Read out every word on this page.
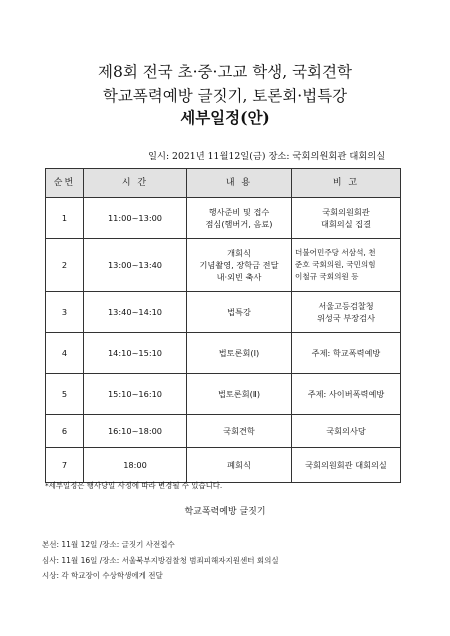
제8회 전국 초·중·고교 학생, 국회견학
학교폭력예방 글짓기, 토론회·법특강
세부일정(안)
일시: 2021년 11월12일(금) 장소: 국회의원회관 대회의실
순번	시 간	내 용	비 고
1	11:00~13:00	행사준비 및 접수
점심(햄버거, 음료)	국회의원회관
대회의실 집결

2	13:00~13:40	개회식
기념촬영, 장학금 전달
내·외빈 축사	더불어민주당 서삼석, 천
준호 국회의원, 국민의힘
이철규 국회의원 등

3	13:40~14:10	법특강	서울고등검찰청
위성국 부장검사

4	14:10~15:10	법토론회(Ⅰ)	주제: 학교폭력예방

5	15:10~16:10	법토론회(Ⅱ)	주제: 사이버폭력예방

6	16:10~18:00	국회견학	국회의사당

7	18:00	폐회식	국회의원회관 대회의실
*세부일정은 행사당일 사정에 따라 변경될 수 있습니다.
학교폭력예방 글짓기
본선: 11월 12일 /장소: 글짓기 사전접수
심사: 11월 16일 /장소: 서울북부지방검찰청 범죄피해자지원센터 회의실
시상: 각 학교장이 수상학생에게 전달
